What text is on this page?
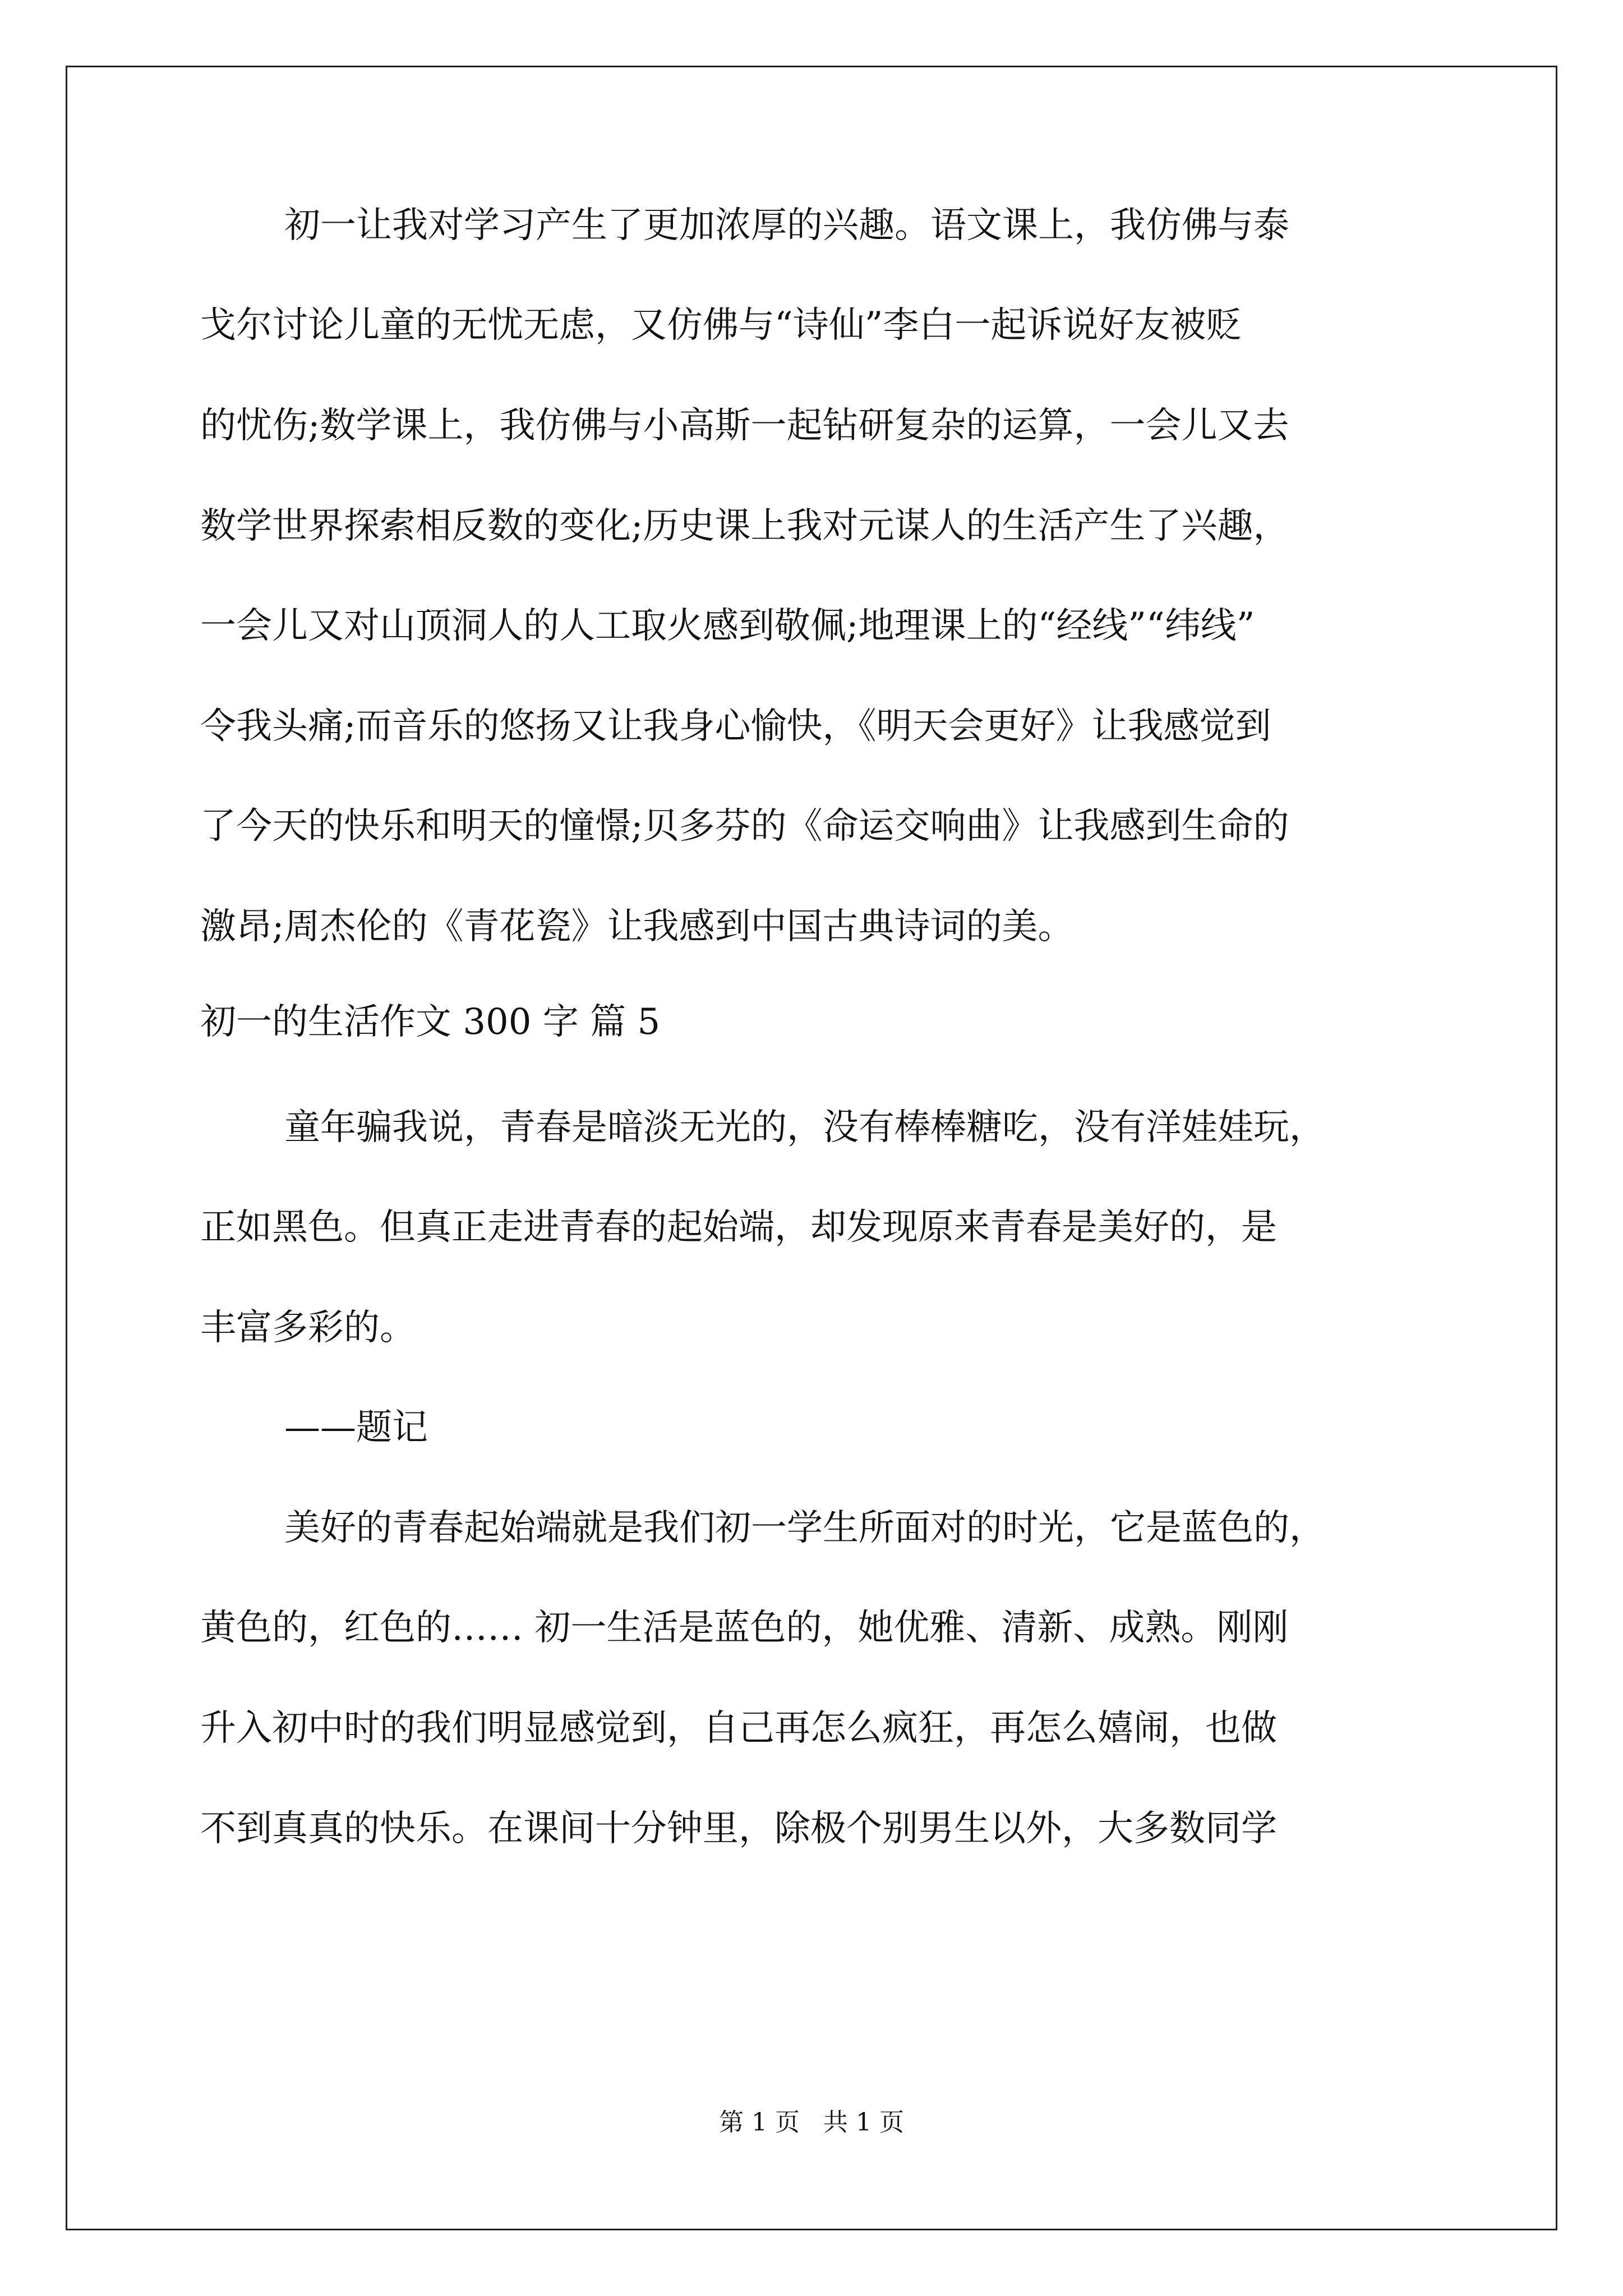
初一让我对学习产生了更加浓厚的兴趣。语文课上，我仿佛与泰

戈尔讨论儿童的无忧无虑，又仿佛与“诗仙”李白一起诉说好友被贬

的忧伤;数学课上，我仿佛与小高斯一起钻研复杂的运算，一会儿又去

数学世界探索相反数的变化;历史课上我对元谋人的生活产生了兴趣，

一会儿又对山顶洞人的人工取火感到敬佩;地理课上的“经线”“纬线”

令我头痛;而音乐的悠扬又让我身心愉快，《明天会更好》让我感觉到

了今天的快乐和明天的憧憬;贝多芬的《命运交响曲》让我感到生命的

激昂;周杰伦的《青花瓷》让我感到中国古典诗词的美。

初一的生活作文 300 字 篇 5

童年骗我说，青春是暗淡无光的，没有棒棒糖吃，没有洋娃娃玩，

正如黑色。但真正走进青春的起始端，却发现原来青春是美好的，是

丰富多彩的。

——题记

美好的青春起始端就是我们初一学生所面对的时光，它是蓝色的，

黄色的，红色的…… 初一生活是蓝色的，她优雅、清新、成熟。刚刚

升入初中时的我们明显感觉到，自己再怎么疯狂，再怎么嬉闹，也做

不到真真的快乐。在课间十分钟里，除极个别男生以外，大多数同学

第 1 页   共 1 页
